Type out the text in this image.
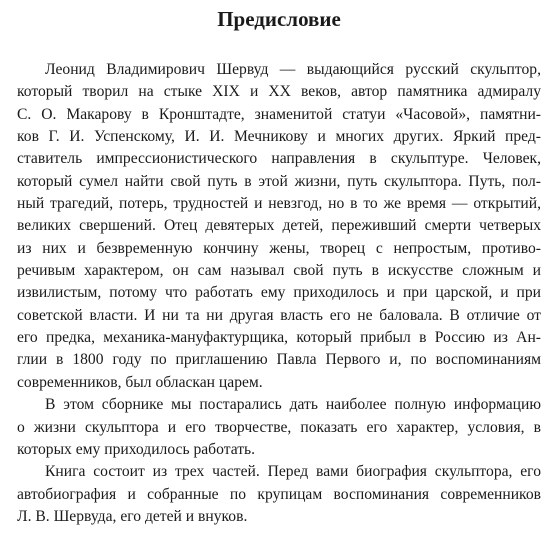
Предисловие
Леонид Владимирович Шервуд — выдающийся русский скульптор,
который творил на стыке XIX и XX веков, автор памятника адмиралу
С. О. Макарову в Кронштадте, знаменитой статуи «Часовой», памятни-
ков Г. И. Успенскому, И. И. Мечникову и многих других. Яркий пред-
ставитель импрессионистического направления в скульптуре. Человек,
который сумел найти свой путь в этой жизни, путь скульптора. Путь, пол-
ный трагедий, потерь, трудностей и невзгод, но в то же время — открытий,
великих свершений. Отец девятерых детей, переживший смерти четверых
из них и безвременную кончину жены, творец с непростым, противо-
речивым характером, он сам называл свой путь в искусстве сложным и
извилистым, потому что работать ему приходилось и при царской, и при
советской власти. И ни та ни другая власть его не баловала. В отличие от
его предка, механика-мануфактурщика, который прибыл в Россию из Ан-
глии в 1800 году по приглашению Павла Первого и, по воспоминаниям
современников, был обласкан царем.
В этом сборнике мы постарались дать наиболее полную информацию
о жизни скульптора и его творчестве, показать его характер, условия, в
которых ему приходилось работать.
Книга состоит из трех частей. Перед вами биография скульптора, его
автобиография и собранные по крупицам воспоминания современников
Л. В. Шервуда, его детей и внуков.
